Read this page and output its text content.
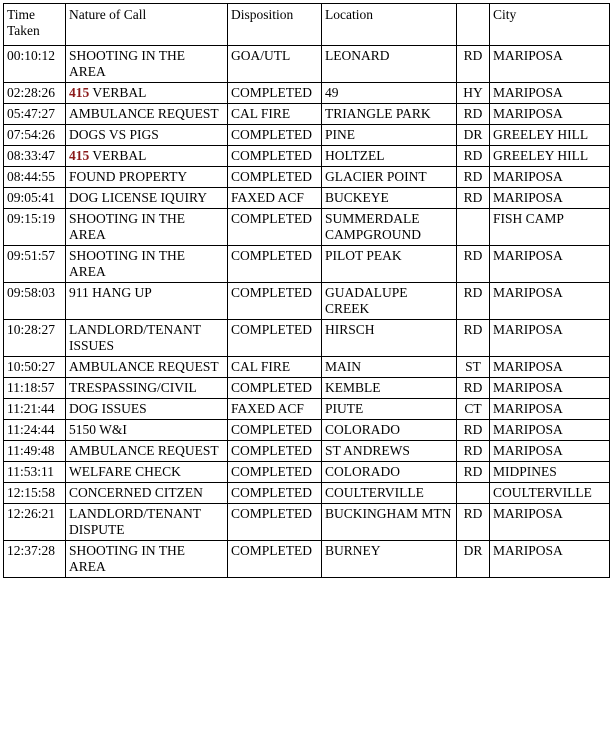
Time Taken	Nature of Call	Disposition	Location		City
00:10:12	SHOOTING IN THE AREA	GOA/UTL	LEONARD	RD	MARIPOSA
02:28:26	415 VERBAL	COMPLETED	49	HY	MARIPOSA
05:47:27	AMBULANCE REQUEST	CAL FIRE	TRIANGLE PARK	RD	MARIPOSA
07:54:26	DOGS VS PIGS	COMPLETED	PINE	DR	GREELEY HILL
08:33:47	415 VERBAL	COMPLETED	HOLTZEL	RD	GREELEY HILL
08:44:55	FOUND PROPERTY	COMPLETED	GLACIER POINT	RD	MARIPOSA
09:05:41	DOG LICENSE IQUIRY	FAXED ACF	BUCKEYE	RD	MARIPOSA
09:15:19	SHOOTING IN THE AREA	COMPLETED	SUMMERDALE CAMPGROUND		FISH CAMP
09:51:57	SHOOTING IN THE AREA	COMPLETED	PILOT PEAK	RD	MARIPOSA
09:58:03	911 HANG UP	COMPLETED	GUADALUPE CREEK	RD	MARIPOSA
10:28:27	LANDLORD/TENANT ISSUES	COMPLETED	HIRSCH	RD	MARIPOSA
10:50:27	AMBULANCE REQUEST	CAL FIRE	MAIN	ST	MARIPOSA
11:18:57	TRESPASSING/CIVIL	COMPLETED	KEMBLE	RD	MARIPOSA
11:21:44	DOG ISSUES	FAXED ACF	PIUTE	CT	MARIPOSA
11:24:44	5150 W&I	COMPLETED	COLORADO	RD	MARIPOSA
11:49:48	AMBULANCE REQUEST	COMPLETED	ST ANDREWS	RD	MARIPOSA
11:53:11	WELFARE CHECK	COMPLETED	COLORADO	RD	MIDPINES
12:15:58	CONCERNED CITZEN	COMPLETED	COULTERVILLE		COULTERVILLE
12:26:21	LANDLORD/TENANT DISPUTE	COMPLETED	BUCKINGHAM MTN	RD	MARIPOSA
12:37:28	SHOOTING IN THE AREA	COMPLETED	BURNEY	DR	MARIPOSA
